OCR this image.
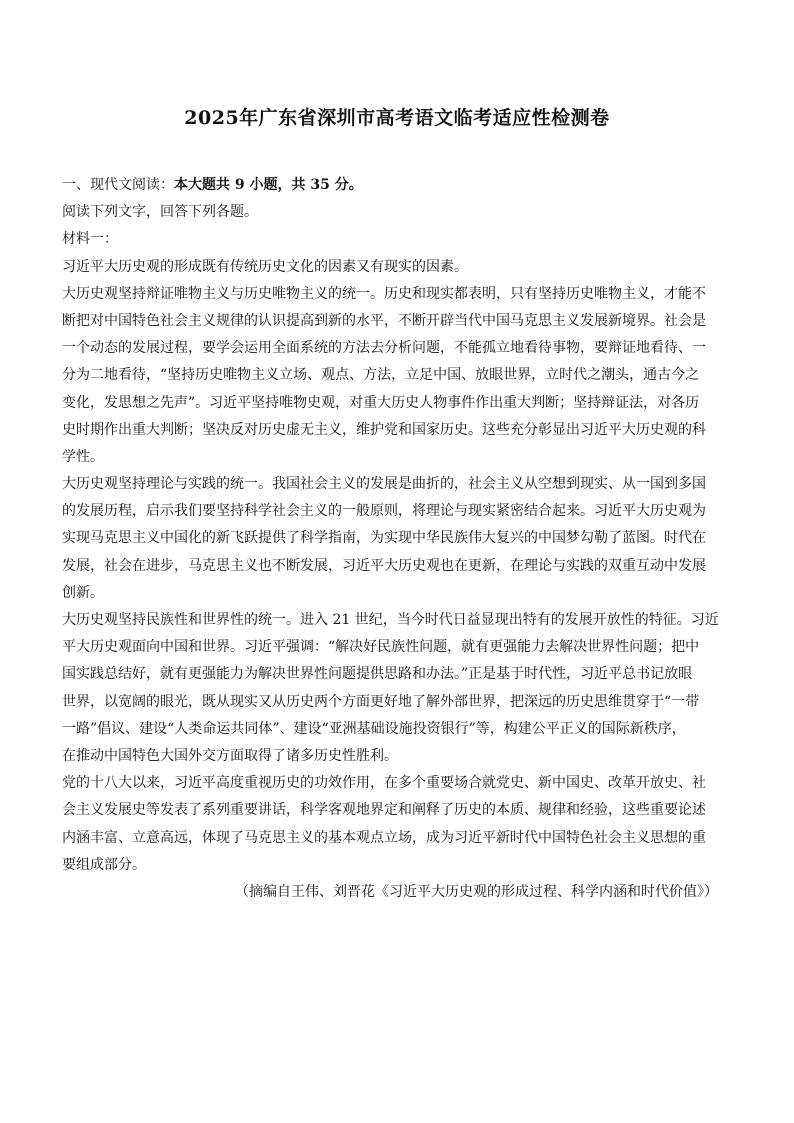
2025年广东省深圳市高考语文临考适应性检测卷
一、现代文阅读：本大题共 9 小题，共 35 分。
阅读下列文字，回答下列各题。
材料一：
习近平大历史观的形成既有传统历史文化的因素又有现实的因素。
大历史观坚持辩证唯物主义与历史唯物主义的统一。历史和现实都表明，只有坚持历史唯物主义，才能不
断把对中国特色社会主义规律的认识提高到新的水平，不断开辟当代中国马克思主义发展新境界。社会是
一个动态的发展过程，要学会运用全面系统的方法去分析问题，不能孤立地看待事物，要辩证地看待、一
分为二地看待，“坚持历史唯物主义立场、观点、方法，立足中国、放眼世界，立时代之潮头，通古今之
变化，发思想之先声”。习近平坚持唯物史观，对重大历史人物事件作出重大判断；坚持辩证法，对各历
史时期作出重大判断；坚决反对历史虚无主义，维护党和国家历史。这些充分彰显出习近平大历史观的科
学性。
大历史观坚持理论与实践的统一。我国社会主义的发展是曲折的，社会主义从空想到现实、从一国到多国
的发展历程，启示我们要坚持科学社会主义的一般原则，将理论与现实紧密结合起来。习近平大历史观为
实现马克思主义中国化的新飞跃提供了科学指南，为实现中华民族伟大复兴的中国梦勾勒了蓝图。时代在
发展，社会在进步，马克思主义也不断发展，习近平大历史观也在更新，在理论与实践的双重互动中发展
创新。
大历史观坚持民族性和世界性的统一。进入 21 世纪，当今时代日益显现出特有的发展开放性的特征。习近
平大历史观面向中国和世界。习近平强调：“解决好民族性问题，就有更强能力去解决世界性问题；把中
国实践总结好，就有更强能力为解决世界性问题提供思路和办法。”正是基于时代性，习近平总书记放眼
世界，以宽阔的眼光，既从现实又从历史两个方面更好地了解外部世界，把深远的历史思维贯穿于“一带
一路”倡议、建设“人类命运共同体”、建设“亚洲基础设施投资银行”等，构建公平正义的国际新秩序，
在推动中国特色大国外交方面取得了诸多历史性胜利。
党的十八大以来，习近平高度重视历史的功效作用，在多个重要场合就党史、新中国史、改革开放史、社
会主义发展史等发表了系列重要讲话，科学客观地界定和阐释了历史的本质、规律和经验，这些重要论述
内涵丰富、立意高远，体现了马克思主义的基本观点立场，成为习近平新时代中国特色社会主义思想的重
要组成部分。
（摘编自王伟、刘晋花《习近平大历史观的形成过程、科学内涵和时代价值》）
